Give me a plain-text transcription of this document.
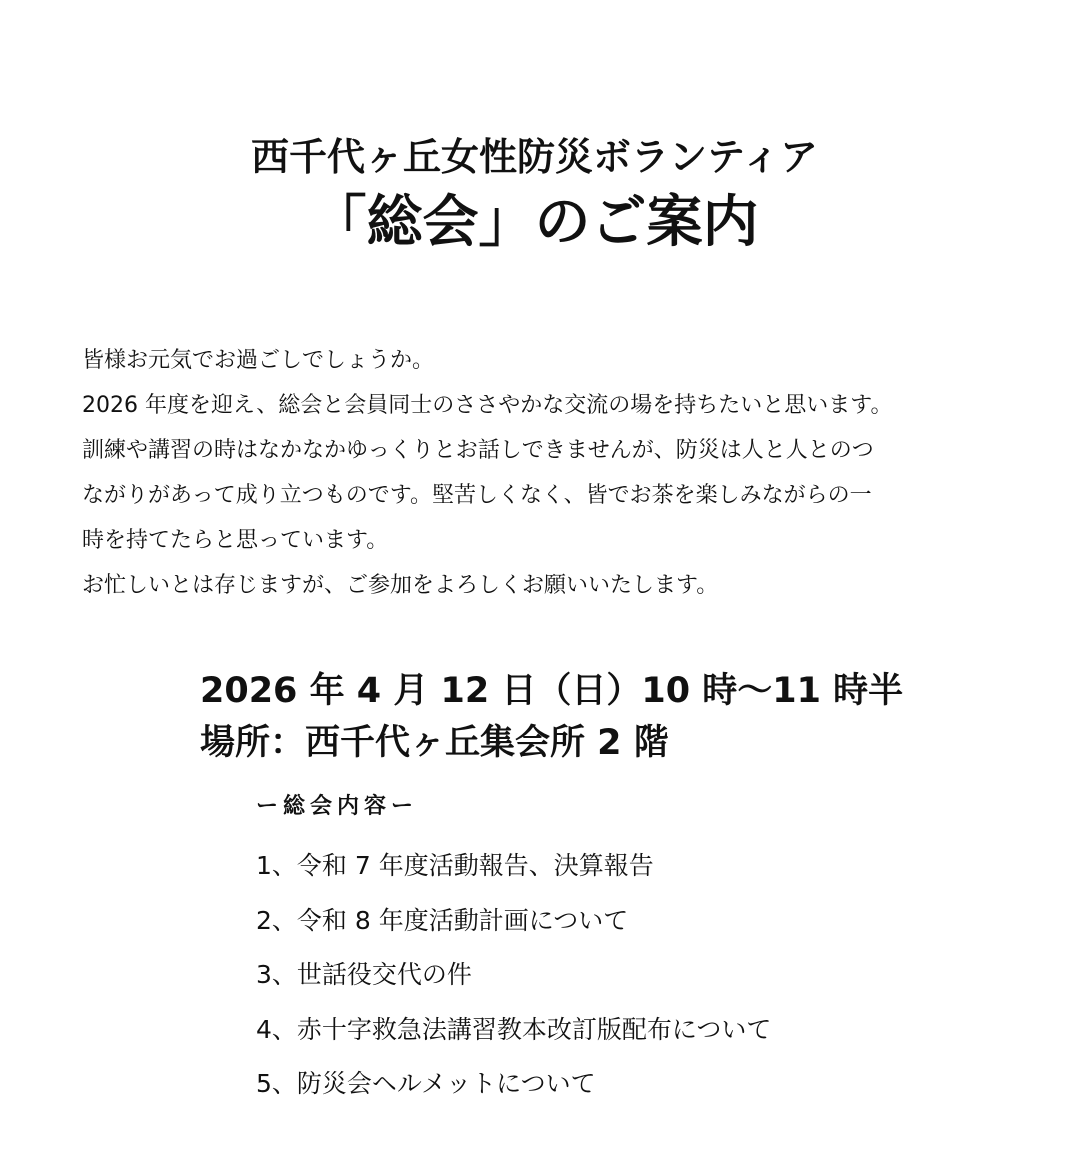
西千代ヶ丘女性防災ボランティア
「総会」のご案内

皆様お元気でお過ごしでしょうか。

2026 年度を迎え、総会と会員同士のささやかな交流の場を持ちたいと思います。

訓練や講習の時はなかなかゆっくりとお話しできませんが、防災は人と人とのつ

ながりがあって成り立つものです。堅苦しくなく、皆でお茶を楽しみながらの一

時を持てたらと思っています。

お忙しいとは存じますが、ご参加をよろしくお願いいたします。

2026 年 4 月 12 日（日）10 時～11 時半
場所：西千代ヶ丘集会所 2 階
ー総会内容ー
1、令和 7 年度活動報告、決算報告
2、令和 8 年度活動計画について
3、世話役交代の件
4、赤十字救急法講習教本改訂版配布について
5、防災会ヘルメットについて
